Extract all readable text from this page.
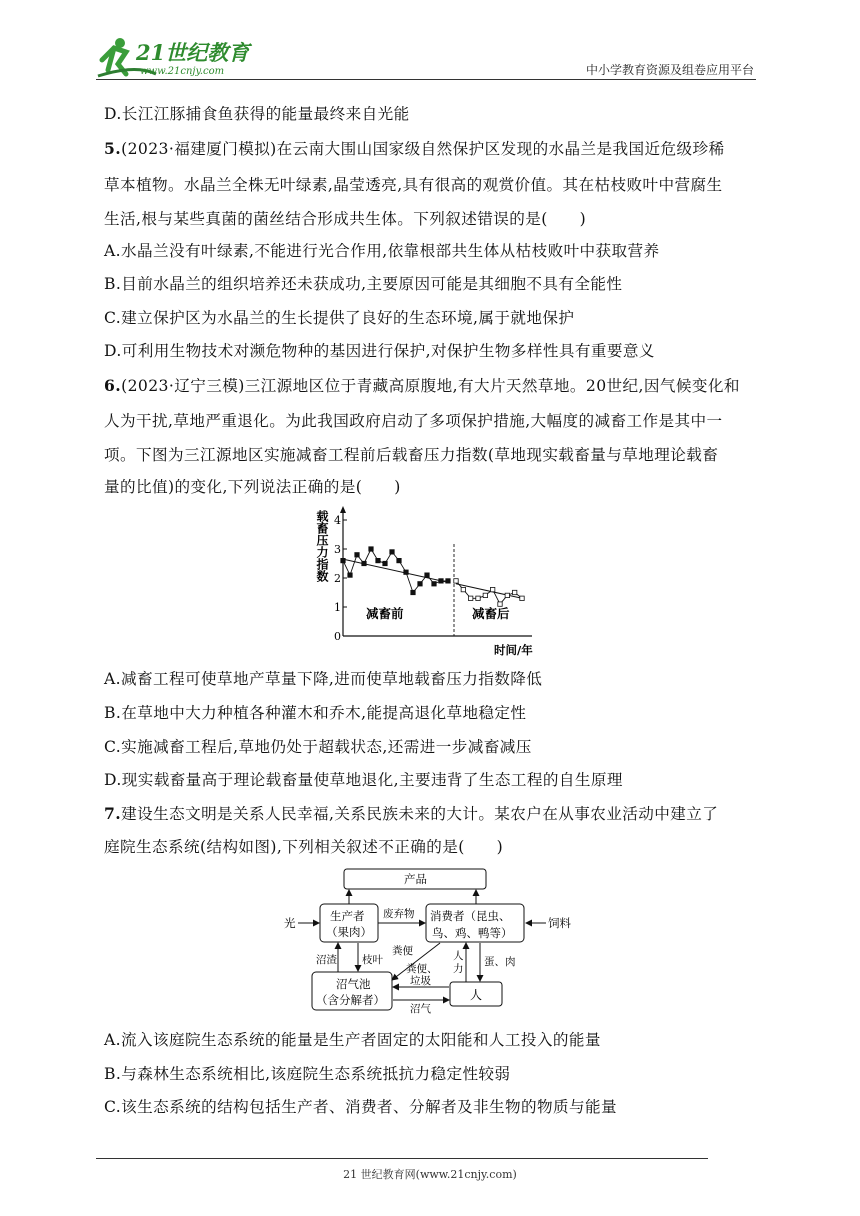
21世纪教育
www.21cnjy.com	中小学教育资源及组卷应用平台
D.长江江豚捕食鱼获得的能量最终来自光能
5.(2023·福建厦门模拟)在云南大围山国家级自然保护区发现的水晶兰是我国近危级珍稀
草本植物。水晶兰全株无叶绿素,晶莹透亮,具有很高的观赏价值。其在枯枝败叶中营腐生
生活,根与某些真菌的菌丝结合形成共生体。下列叙述错误的是(　　)
A.水晶兰没有叶绿素,不能进行光合作用,依靠根部共生体从枯枝败叶中获取营养
B.目前水晶兰的组织培养还未获成功,主要原因可能是其细胞不具有全能性
C.建立保护区为水晶兰的生长提供了良好的生态环境,属于就地保护
D.可利用生物技术对濒危物种的基因进行保护,对保护生物多样性具有重要意义
6.(2023·辽宁三模)三江源地区位于青藏高原腹地,有大片天然草地。20世纪,因气候变化和
人为干扰,草地严重退化。为此我国政府启动了多项保护措施,大幅度的减畜工作是其中一
项。下图为三江源地区实施减畜工程前后载畜压力指数(草地现实载畜量与草地理论载畜
量的比值)的变化,下列说法正确的是(　　)
载畜压力指数
0
1
2
3
4
减畜前	减畜后
时间/年
A.减畜工程可使草地产草量下降,进而使草地载畜压力指数降低
B.在草地中大力种植各种灌木和乔木,能提高退化草地稳定性
C.实施减畜工程后,草地仍处于超载状态,还需进一步减畜减压
D.现实载畜量高于理论载畜量使草地退化,主要违背了生态工程的自生原理
7.建设生态文明是关系人民幸福,关系民族未来的大计。某农户在从事农业活动中建立了
庭院生态系统(结构如图),下列相关叙述不正确的是(　　)
产品
生产者
（果肉）
消费者（昆虫、
鸟、鸡、鸭等）
沼气池
（含分解者）	人
光	饲料
废弃物
沼渣 枝叶
粪便	人
力
蛋、肉
粪便、
垃圾
沼气
A.流入该庭院生态系统的能量是生产者固定的太阳能和人工投入的能量
B.与森林生态系统相比,该庭院生态系统抵抗力稳定性较弱
C.该生态系统的结构包括生产者、消费者、分解者及非生物的物质与能量
21 世纪教育网(www.21cnjy.com)
